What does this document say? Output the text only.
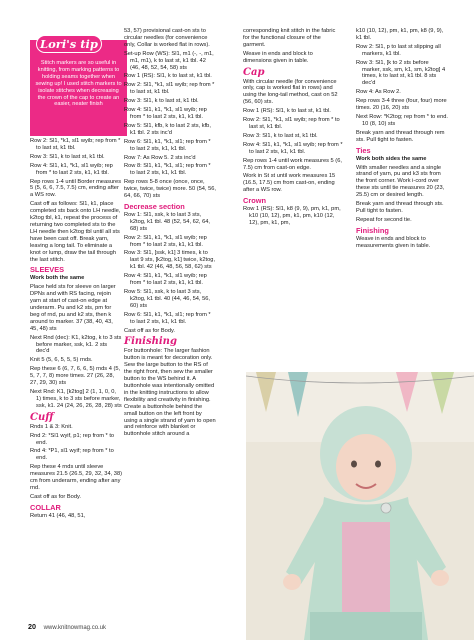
Stitch markers are so useful in knitting, from marking patterns to holding seams together when sewing up! I used stitch markers to isolate stitches when decreasing the crown of the cap to create an easier, neater finish
Lori's tip

Row 2: Sl1, *k1, sl1 wyib; rep from * to last st, k1 tbl.

Row 3: Sl1, k to last st, k1 tbl.

Row 4: Sl1, k1, *k1, sl1 wyib; rep from * to last 2 sts, k1, k1 tbl.

Rep rows 1-4 until Border measures 5 (5, 6, 6, 7.5, 7.5) cm, ending after a WS row.

Cast off as follows: Sl1, k1, place completed sts back onto LH needle, k2tog tbl, k1, repeat the process of returning two completed sts to the LH needle then k2tog tbl until all sts have been cast off. Break yarn, leaving a long tail. To eliminate a knot or lump, draw the tail through the last stitch.

SLEEVES

Work both the same

Place held sts for sleeve on larger DPNs and with RS facing, rejoin yarn at start of cast-on edge at underarm. Pu and k2 sts, pm for beg of rnd, pu and k2 sts, then k around to marker. 37 (38, 40, 43, 45, 48) sts

Next Rnd (dec): K1, k2tog, k to 3 sts before marker, ssk, k1. 2 sts dec'd

Knit 5 (5, 6, 5, 5, 5) rnds.

Rep these 6 (6, 7, 6, 6, 5) rnds 4 (5, 5, 7, 7, 8) more times. 27 (26, 28, 27, 29, 30) sts

Next Rnd: K1, [k2tog] 2 (1, 1, 0, 0, 1) times, k to 3 sts before marker, ssk, k1. 24 (24, 26, 26, 28, 28) sts

Cuff

Rnds 1 & 3: Knit.

Rnd 2: *Sl1 wyif, p1; rep from * to end.

Rnd 4: *P1, sl1 wyif; rep from * to end.

Rep these 4 rnds until sleeve measures 21.5 (26.5, 29, 32, 34, 38) cm from underarm, ending after any rnd.

Cast off as for Body.

COLLAR

Return 41 (46, 48, 51,

53, 57) provisional cast-on sts to circular needles (for convenience only, Collar is worked flat in rows).

Set-up Row (WS): Sl1, m1 (-, -, m1, m1, m1), k to last st, k1 tbl. 42 (46, 48, 52, 54, 58) sts

Row 1 (RS): Sl1, k to last st, k1 tbl.

Row 2: Sl1, *k1, sl1 wyib; rep from * to last st, k1 tbl.

Row 3: Sl1, k to last st, k1 tbl.

Row 4: Sl1, k1, *k1, sl1 wyib; rep from * to last 2 sts, k1, k1 tbl.

Row 5: Sl1, kfb, k to last 2 sts, kfb, k1 tbl. 2 sts inc'd

Row 6: Sl1, k1, *k1, sl1; rep from * to last 2 sts, k1, k1 tbl.

Row 7: As Row 5. 2 sts inc'd

Row 8: Sl1, k1, *k1, sl1; rep from * to last 2 sts, k1, k1 tbl.

Rep rows 5-8 once (once, once, twice, twice, twice) more. 50 (54, 56, 64, 66, 70) sts

Decrease section

Row 1: Sl1, ssk, k to last 3 sts, k2tog, k1 tbl. 48 (52, 54, 62, 64, 68) sts

Row 2: Sl1, k1, *k1, sl1 wyib; rep from * to last 2 sts, k1, k1 tbl.

Row 3: Sl1, [ssk, k1] 3 times, k to last 9 sts, [k2tog, k1] twice, k2tog, k1 tbl. 42 (46, 48, 56, 58, 62) sts

Row 4: Sl1, k1, *k1, sl1 wyib; rep from * to last 2 sts, k1, k1 tbl.

Row 5: Sl1, ssk, k to last 3 sts, k2tog, k1 tbl. 40 (44, 46, 54, 56, 60) sts

Row 6: Sl1, k1, *k1, sl1; rep from * to last 2 sts, k1, k1 tbl.

Cast off as for Body.

Finishing

For buttonhole: The larger fashion button is meant for decoration only. Sew the large button to the RS of the right front, then sew the smaller button to the WS behind it. A buttonhole was intentionally omitted in the knitting instructions to allow flexibility and creativity in finishing. Create a buttonhole behind the small button on the left front by using a single strand of yarn to open and reinforce with blanket or buttonhole stitch around a

corresponding knit stitch in the fabric for the functional closure of the garment.

Weave in ends and block to dimensions given in table.

Cap

With circular needle (for convenience only, cap is worked flat in rows) and using the long-tail method, cast on 52 (56, 60) sts.

Row 1 (RS): Sl1, k to last st, k1 tbl.

Row 2: Sl1, *k1, sl1 wyib; rep from * to last st, k1 tbl.

Row 3: Sl1, k to last st, k1 tbl.

Row 4: Sl1, k1, *k1, sl1 wyib; rep from * to last 2 sts, k1, k1 tbl.

Rep rows 1-4 until work measures 5 (6, 7.5) cm from cast-on edge.

Work in St st until work measures 15 (16.5, 17.5) cm from cast-on, ending after a WS row.

Crown

Row 1 (RS): Sl1, k8 (9, 9), pm, k1, pm, k10 (10, 12), pm, k1, pm, k10 (12, 12), pm, k1, pm,

k10 (10, 12), pm, k1, pm, k8 (9, 9), k1 tbl.

Row 2: Sl1, p to last st slipping all markers, k1 tbl.

Row 3: Sl1, [k to 2 sts before marker, ssk, sm, k1, sm, k2tog] 4 times, k to last st, k1 tbl. 8 sts dec'd

Row 4: As Row 2.

Rep rows 3-4 three (four, four) more times. 20 (16, 20) sts

Next Row: *K2tog; rep from * to end. 10 (8, 10) sts

Break yarn and thread through rem sts. Pull tight to fasten.

Ties

Work both sides the same

With smaller needles and a single strand of yarn, pu and k3 sts from the front corner. Work i-cord over these sts until tie measures 20 (23, 25.5) cm or desired length.

Break yarn and thread through sts. Pull tight to fasten.

Repeat for second tie.

Finishing

Weave in ends and block to measurements given in table.

20 www.knitnowmag.co.uk
